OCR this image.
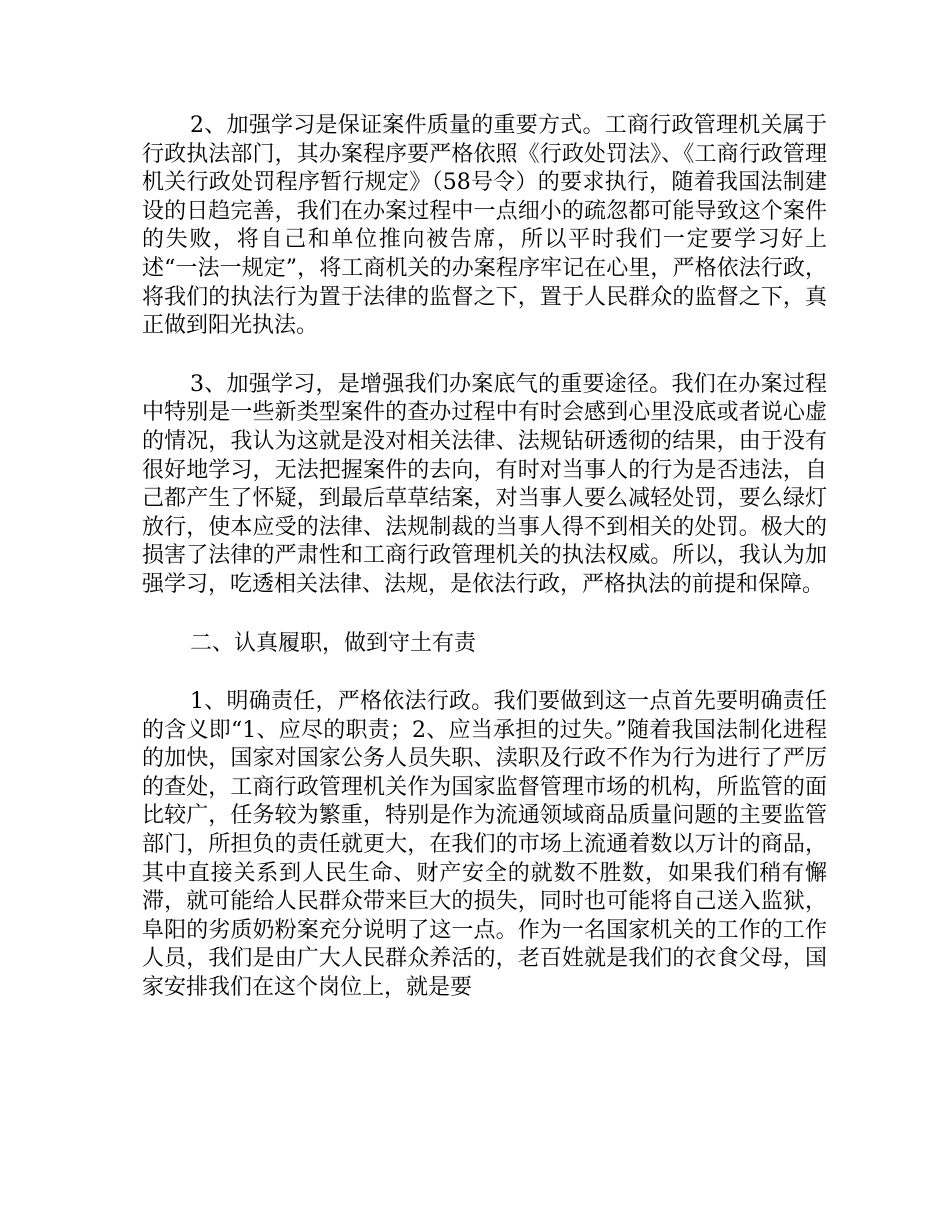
2、加强学习是保证案件质量的重要方式。工商行政管理机关属于行政执法部门，其办案程序要严格依照《行政处罚法》、《工商行政管理机关行政处罚程序暂行规定》（58号令）的要求执行，随着我国法制建设的日趋完善，我们在办案过程中一点细小的疏忽都可能导致这个案件的失败，将自己和单位推向被告席，所以平时我们一定要学习好上述“一法一规定”，将工商机关的办案程序牢记在心里，严格依法行政，将我们的执法行为置于法律的监督之下，置于人民群众的监督之下，真正做到阳光执法。

3、加强学习，是增强我们办案底气的重要途径。我们在办案过程中特别是一些新类型案件的查办过程中有时会感到心里没底或者说心虚的情况，我认为这就是没对相关法律、法规钻研透彻的结果，由于没有很好地学习，无法把握案件的去向，有时对当事人的行为是否违法，自己都产生了怀疑，到最后草草结案，对当事人要么减轻处罚，要么绿灯放行，使本应受的法律、法规制裁的当事人得不到相关的处罚。极大的损害了法律的严肃性和工商行政管理机关的执法权威。所以，我认为加强学习，吃透相关法律、法规，是依法行政，严格执法的前提和保障。

二、认真履职，做到守土有责

1、明确责任，严格依法行政。我们要做到这一点首先要明确责任的含义即“1、应尽的职责；2、应当承担的过失。”随着我国法制化进程的加快，国家对国家公务人员失职、渎职及行政不作为行为进行了严厉的查处，工商行政管理机关作为国家监督管理市场的机构，所监管的面比较广，任务较为繁重，特别是作为流通领域商品质量问题的主要监管部门，所担负的责任就更大，在我们的市场上流通着数以万计的商品，其中直接关系到人民生命、财产安全的就数不胜数，如果我们稍有懈滞，就可能给人民群众带来巨大的损失，同时也可能将自己送入监狱，阜阳的劣质奶粉案充分说明了这一点。作为一名国家机关的工作的工作人员，我们是由广大人民群众养活的，老百姓就是我们的衣食父母，国家安排我们在这个岗位上，就是要
